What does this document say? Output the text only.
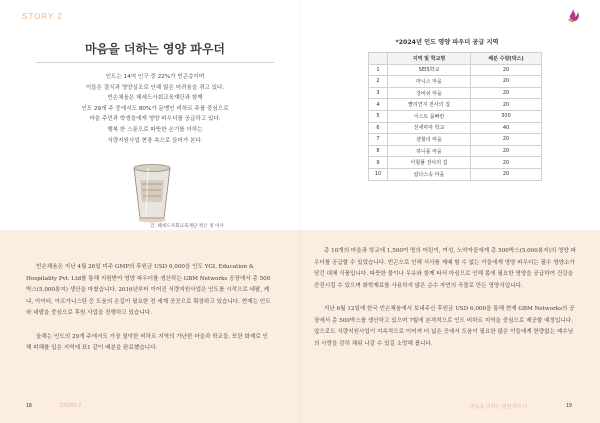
STORY 2
마음을 더하는 영양 파우더

인도는 14억 인구 중 22%가 빈곤층이며

이들은 결식과 영양실조로 인해 많은 어려움을 겪고 있다.

빈손채움은 헤세드사회교육재단과 함께

인도 29개 주 중에서도 80%가 문맹인 비하르 주를 중심으로

마을 주민과 학생들에게 영양 파우더를 공급하고 있다.

행복 한 스푼으로 따뜻한 온기를 더하는

식량지원사업 현장 속으로 들어가 본다.

글. 헤세드사회교육재단 정은 정 이사

빈손채움은 지난 4월 26일 미주 GMP의 후원금 USD 6,000을 인도 YGL Education & Hospitality Pvt. Ltd를 통해 지원받아 영양 파우더를 생산하는 GBM Networks 공장에서 총 500박스(5,000봉지) 생산을 마쳤습니다. 2016년부터 이어진 식량지원사업은 인도를 시작으로 네팔, 케냐, 아이티, 아프가니스탄 등 도움의 손길이 필요한 전 세계 곳곳으로 확장하고 있습니다. 현재는 인도와 네팔을 중심으로 후원 사업을 진행하고 있습니다.

올해는 인도의 29개 주에서도 가장 열악한 비하르 지역의 가난한 마을과 학교들, 또한 화재로 인해 피해를 입은 지역에 표1 같이 배분을 완료했습니다.

18	STORY 2
*2024년 인도 영양 파우더 공급 지역
	지역 및 학교명	배분 수량(박스)
1	SEIS학교	20
2	마니스 마을	20
3	강바쉬 마을	20
4	빨리연지 전사의 집	20
5	이스트 뭄빠란	300
6	친세마마 학교	40
7	샬할리 마을	20
8	하니플 마을	20
9	아힐풀 전사의 집	20
10	람다스속 마을	20

총 10개의 마을과 학교에 1,500여 명의 어린이, 여성, 노약자들에게 총 500박스(5,000봉지)의 영양 파우더를 공급할 수 있었습니다. 빈곤으로 인해 식사를 제때 할 수 없는 이들에게 영양 파우더는 필수 영양소가 담긴 대체 식품입니다. 따뜻한 물이나 우유와 함께 타서 마심으로 인해 몸에 필요한 영양을 공급하여 건강을 증진시킬 수 있으며 화학재료를 사용하지 않은 순수 자연의 곡물로 만든 영양식입니다.

지난 6월 12일에 한국 빈손채움에서 보내주신 후원금 USD 6,000을 통해 현재 GBM Networks의 공장에서 총 500박스를 생산하고 있으며 7월에 본격적으로 인도 비하르 지역을 중심으로 제공할 예정입니다. 앞으로도 식량지원사업이 지속적으로 이어져 더 넓은 곳에서 도움이 필요한 많은 이들에게 한량없는 예수님의 사랑을 감히 채워 나갈 수 있길 소망해 봅니다.

마음을 더하는 영양 파우더	19
